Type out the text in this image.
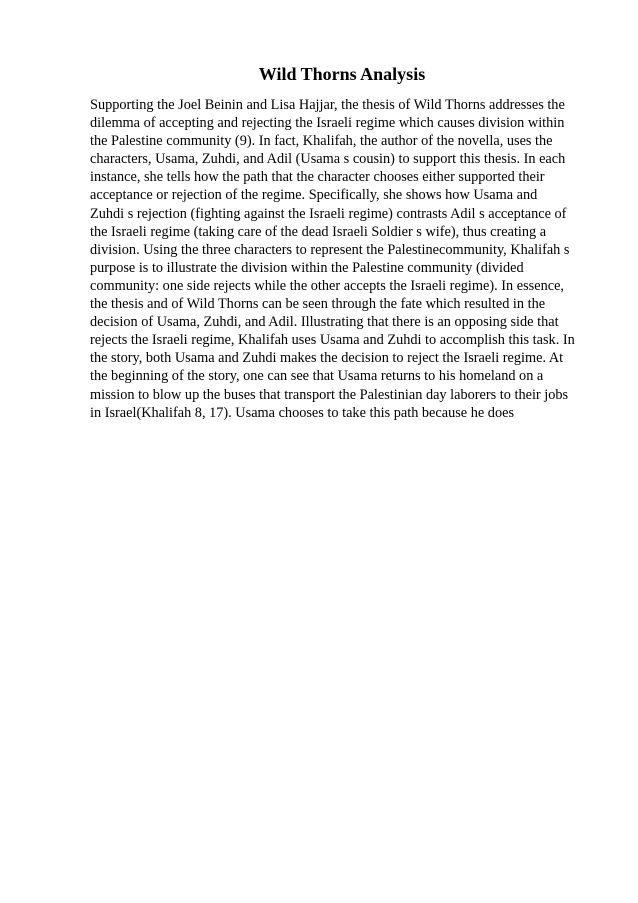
Wild Thorns Analysis

Supporting the Joel Beinin and Lisa Hajjar, the thesis of Wild Thorns addresses the
dilemma of accepting and rejecting the Israeli regime which causes division within
the Palestine community (9). In fact, Khalifah, the author of the novella, uses the
characters, Usama, Zuhdi, and Adil (Usama s cousin) to support this thesis. In each
instance, she tells how the path that the character chooses either supported their
acceptance or rejection of the regime. Specifically, she shows how Usama and
Zuhdi s rejection (fighting against the Israeli regime) contrasts Adil s acceptance of
the Israeli regime (taking care of the dead Israeli Soldier s wife), thus creating a
division. Using the three characters to represent the Palestinecommunity, Khalifah s
purpose is to illustrate the division within the Palestine community (divided
community: one side rejects while the other accepts the Israeli regime). In essence,
the thesis and of Wild Thorns can be seen through the fate which resulted in the
decision of Usama, Zuhdi, and Adil. Illustrating that there is an opposing side that
rejects the Israeli regime, Khalifah uses Usama and Zuhdi to accomplish this task. In
the story, both Usama and Zuhdi makes the decision to reject the Israeli regime. At
the beginning of the story, one can see that Usama returns to his homeland on a
mission to blow up the buses that transport the Palestinian day laborers to their jobs
in Israel(Khalifah 8, 17). Usama chooses to take this path because he does
